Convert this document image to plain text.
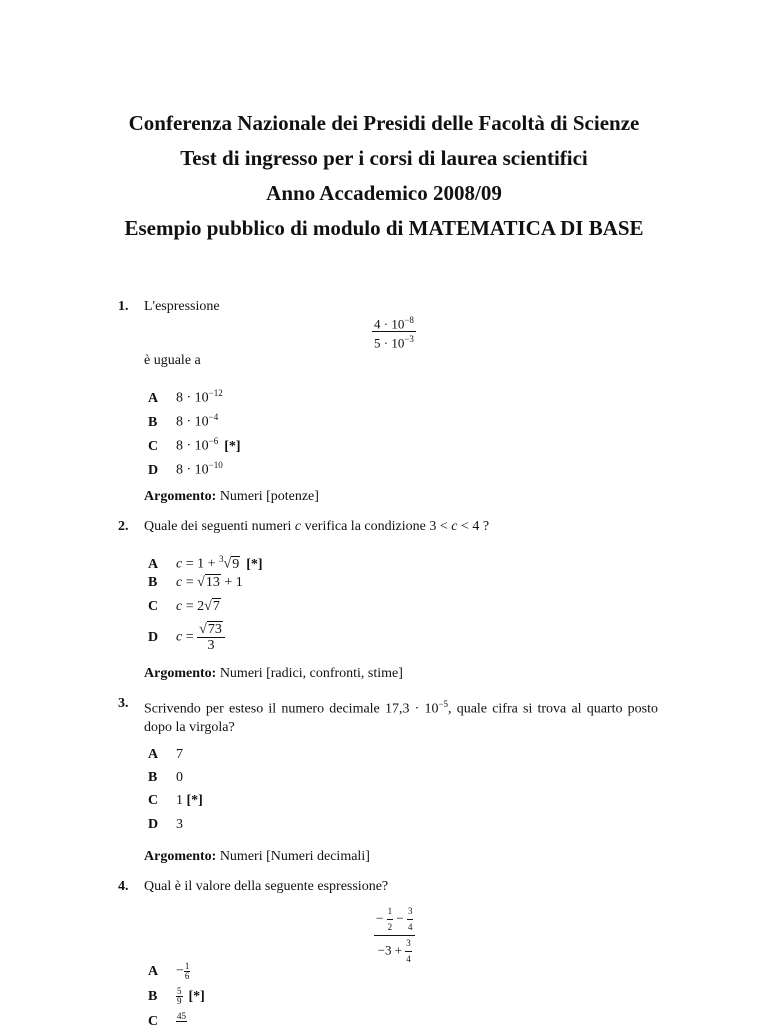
Conferenza Nazionale dei Presidi delle Facoltà di Scienze
Test di ingresso per i corsi di laurea scientifici
Anno Accademico 2008/09
Esempio pubblico di modulo di MATEMATICA DI BASE
1. L'espressione
$\frac{4 \cdot 10^{-8}}{5 \cdot 10^{-3}}$
è uguale a
A $8 \cdot 10^{-12}$
B $8 \cdot 10^{-4}$
C $8 \cdot 10^{-6}$ [*]
D $8 \cdot 10^{-10}$
Argomento: Numeri [potenze]
2. Quale dei seguenti numeri c verifica la condizione 3 < c < 4 ?
A c = 1 + $^3$√9 [*]
B c = √13 + 1
C c = 2√7
D $c = \frac{√73}{3}$
Argomento: Numeri [radici, confronti, stime]
3. Scrivendo per esteso il numero decimale $17,3 \cdot 10^{-5}$, quale cifra si trova al quarto posto dopo la virgola?
A 7
B 0
C 1 [*]
D 3
Argomento: Numeri [Numeri decimali]
4. Qual è il valore della seguente espressione?
$\frac{- \frac{1}{2} - \frac{3}{4}}{-3 + \frac{3}{4}}$
$A - \frac{1}{6}$
B $\frac{5}{9}$ [*]
C 45
